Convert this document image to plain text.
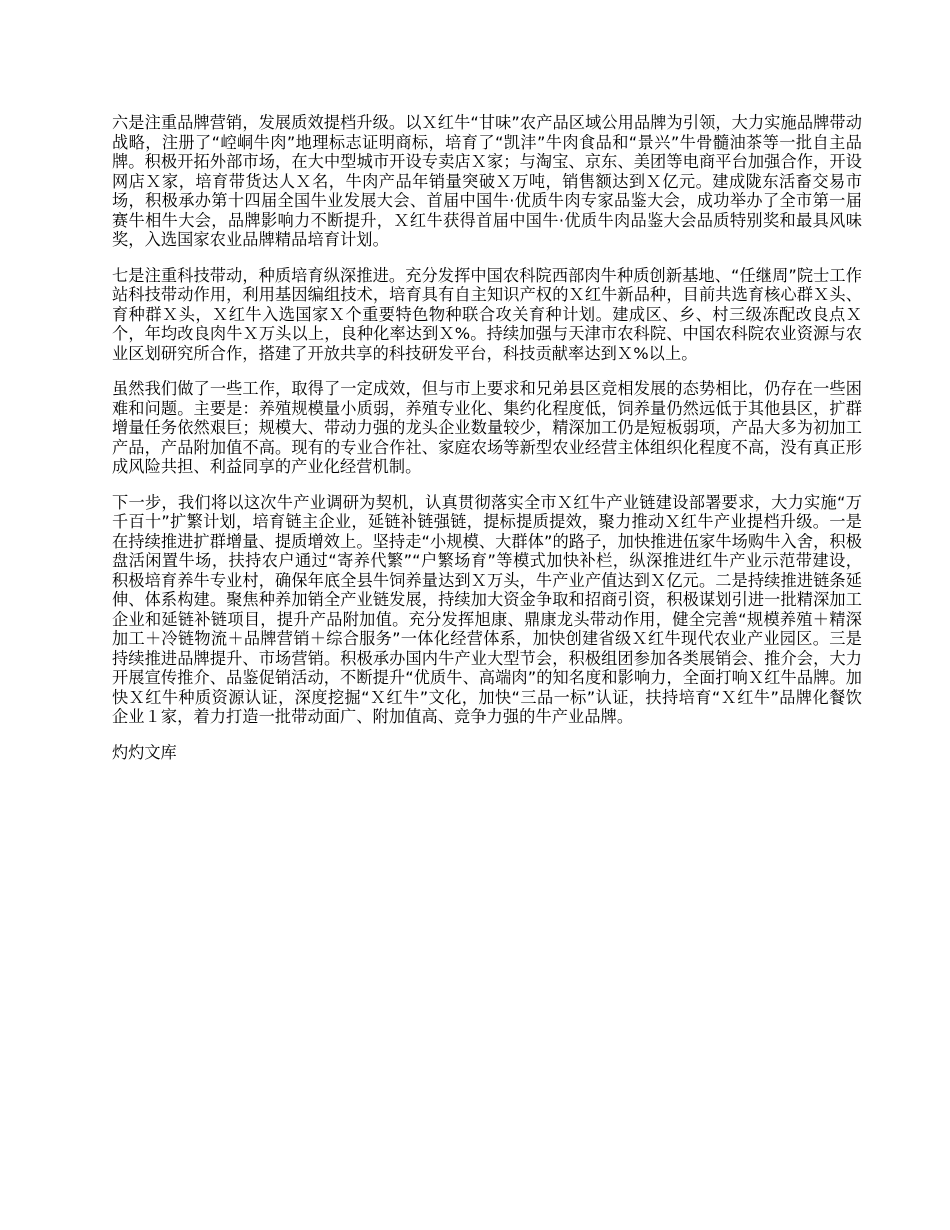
六是注重品牌营销，发展质效提档升级。以Ｘ红牛“甘味”农产品区域公用品牌为引领，大力实施品牌带动战略，注册了“崆峒牛肉”地理标志证明商标，培育了“凯沣”牛肉食品和“景兴”牛骨髓油茶等一批自主品牌。积极开拓外部市场，在大中型城市开设专卖店Ｘ家；与淘宝、京东、美团等电商平台加强合作，开设网店Ｘ家，培育带货达人Ｘ名，牛肉产品年销量突破Ｘ万吨，销售额达到Ｘ亿元。建成陇东活畜交易市场，积极承办第十四届全国牛业发展大会、首届中国牛·优质牛肉专家品鉴大会，成功举办了全市第一届赛牛相牛大会，品牌影响力不断提升，Ｘ红牛获得首届中国牛·优质牛肉品鉴大会品质特别奖和最具风味奖，入选国家农业品牌精品培育计划。

七是注重科技带动，种质培育纵深推进。充分发挥中国农科院西部肉牛种质创新基地、“任继周”院士工作站科技带动作用，利用基因编组技术，培育具有自主知识产权的Ｘ红牛新品种，目前共选育核心群Ｘ头、育种群Ｘ头，Ｘ红牛入选国家Ｘ个重要特色物种联合攻关育种计划。建成区、乡、村三级冻配改良点Ｘ个，年均改良肉牛Ｘ万头以上，良种化率达到Ｘ%。持续加强与天津市农科院、中国农科院农业资源与农业区划研究所合作，搭建了开放共享的科技研发平台，科技贡献率达到Ｘ%以上。

虽然我们做了一些工作，取得了一定成效，但与市上要求和兄弟县区竞相发展的态势相比，仍存在一些困难和问题。主要是：养殖规模量小质弱，养殖专业化、集约化程度低，饲养量仍然远低于其他县区，扩群增量任务依然艰巨；规模大、带动力强的龙头企业数量较少，精深加工仍是短板弱项，产品大多为初加工产品，产品附加值不高。现有的专业合作社、家庭农场等新型农业经营主体组织化程度不高，没有真正形成风险共担、利益同享的产业化经营机制。

下一步，我们将以这次牛产业调研为契机，认真贯彻落实全市Ｘ红牛产业链建设部署要求，大力实施“万千百十”扩繁计划，培育链主企业，延链补链强链，提标提质提效，聚力推动Ｘ红牛产业提档升级。一是在持续推进扩群增量、提质增效上。坚持走“小规模、大群体”的路子，加快推进伍家牛场购牛入舍，积极盘活闲置牛场，扶持农户通过“寄养代繁”“户繁场育”等模式加快补栏，纵深推进红牛产业示范带建设，积极培育养牛专业村，确保年底全县牛饲养量达到Ｘ万头，牛产业产值达到Ｘ亿元。二是持续推进链条延伸、体系构建。聚焦种养加销全产业链发展，持续加大资金争取和招商引资，积极谋划引进一批精深加工企业和延链补链项目，提升产品附加值。充分发挥旭康、鼎康龙头带动作用，健全完善“规模养殖＋精深加工＋冷链物流＋品牌营销＋综合服务”一体化经营体系，加快创建省级Ｘ红牛现代农业产业园区。三是持续推进品牌提升、市场营销。积极承办国内牛产业大型节会，积极组团参加各类展销会、推介会，大力开展宣传推介、品鉴促销活动，不断提升“优质牛、高端肉”的知名度和影响力，全面打响Ｘ红牛品牌。加快Ｘ红牛种质资源认证，深度挖掘“Ｘ红牛”文化，加快“三品一标”认证，扶持培育“Ｘ红牛”品牌化餐饮企业１家，着力打造一批带动面广、附加值高、竞争力强的牛产业品牌。

灼灼文库
